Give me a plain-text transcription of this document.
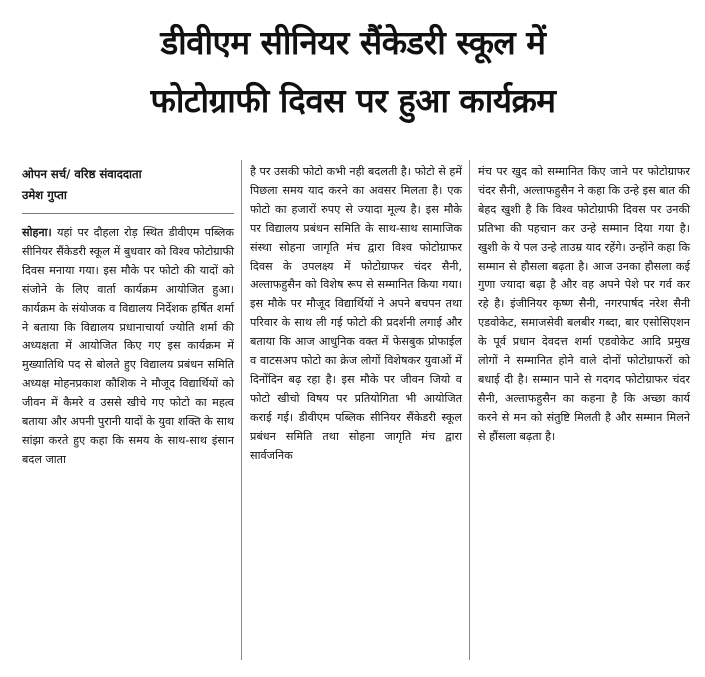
डीवीएम सीनियर सैंकेडरी स्कूल में
फोटोग्राफी दिवस पर हुआ कार्यक्रम
ओपन सर्च/ वरिष्ठ संवाददाता
उमेश गुप्ता

सोहना। यहां पर दौहला रोड़ स्थित डीवीएम पब्लिक सीनियर सैंकेडरी स्कूल में बुधवार को विश्व फोटोग्राफी दिवस मनाया गया। इस मौके पर फोटो की यादों को संजोने के लिए वार्ता कार्यक्रम आयोजित हुआ। कार्यक्रम के संयोजक व विद्यालय निर्देशक हर्षित शर्मा ने बताया कि विद्यालय प्रधानाचार्या ज्योति शर्मा की अध्यक्षता में आयोजित किए गए इस कार्यक्रम में मुख्यातिथि पद से बोलते हुए विद्यालय प्रबंधन समिति अध्यक्ष मोहनप्रकाश कौशिक ने मौजूद विद्यार्थियों को जीवन में कैमरे व उससे खीचे गए फोटो का महत्व बताया और अपनी पुरानी यादों के युवा शक्ति के साथ सांझा करते हुए कहा कि समय के साथ-साथ इंसान बदल जाता

है पर उसकी फोटो कभी नही बदलती है। फोटो से हमें पिछला समय याद करने का अवसर मिलता है। एक फोटो का हजारों रुपए से ज्यादा मूल्य है। इस मौके पर विद्यालय प्रबंधन समिति के साथ-साथ सामाजिक संस्था सोहना जागृति मंच द्वारा विश्व फोटोग्राफर दिवस के उपलक्ष्य में फोटोग्राफर चंदर सैनी, अल्ताफहुसैन को विशेष रूप से सम्मानित किया गया। इस मौके पर मौजूद विद्यार्थियों ने अपने बचपन तथा परिवार के साथ ली गई फोटो की प्रदर्शनी लगाई और बताया कि आज आधुनिक वक्त में फेसबुक प्रोफाईल व वाटसअप फोटो का क्रेज लोगों विशेषकर युवाओं में दिनोंदिन बढ़ रहा है। इस मौके पर जीवन जियो व फोटो खीचो विषय पर प्रतियोगिता भी आयोजित कराई गई। डीवीएम पब्लिक सीनियर सैंकेडरी स्कूल प्रबंधन समिति तथा सोहना जागृति मंच द्वारा सार्वजनिक

मंच पर खुद को सम्मानित किए जाने पर फोटोग्राफर चंदर सैनी, अल्ताफहुसैन ने कहा कि उन्हे इस बात की बेहद खुशी है कि विश्व फोटोग्राफी दिवस पर उनकी प्रतिभा की पहचान कर उन्हे सम्मान दिया गया है। खुशी के ये पल उन्हे ताउम्र याद रहेंगे। उन्होंने कहा कि सम्मान से हौसला बढ़ता है। आज उनका हौसला कई गुणा ज्यादा बढ़ा है और वह अपने पेशे पर गर्व कर रहे है। इंजीनियर कृष्ण सैनी, नगरपार्षद नरेश सैनी एडवोकेट, समाजसेवी बलबीर गब्दा, बार एसोसिएशन के पूर्व प्रधान देवदत्त शर्मा एडवोकेट आदि प्रमुख लोगों ने सम्मानित होने वाले दोनों फोटोग्राफरों को बधाई दी है। सम्मान पाने से गदगद फोटोग्राफर चंदर सैनी, अल्ताफहुसैन का कहना है कि अच्छा कार्य करने से मन को संतुष्टि मिलती है और सम्मान मिलने से हौंसला बढ़ता है।
